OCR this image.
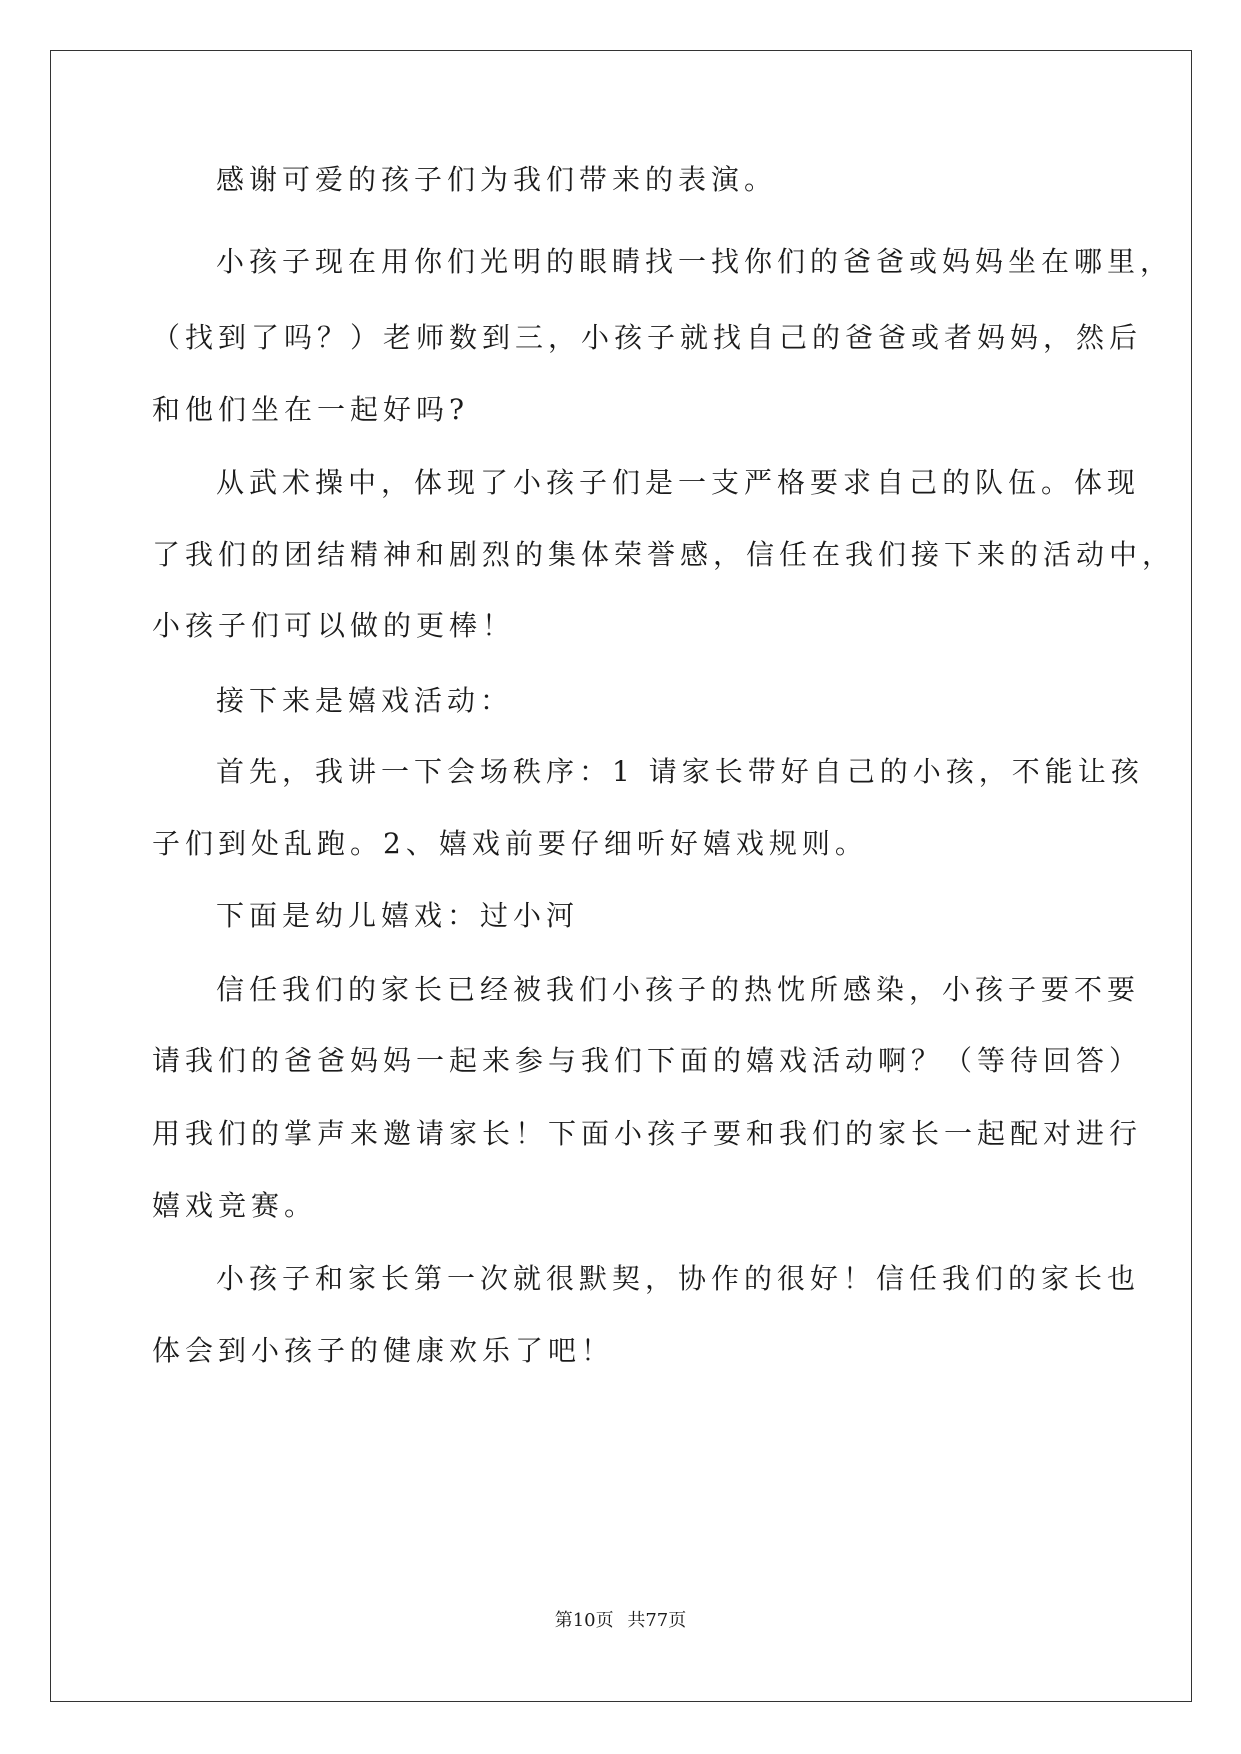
感谢可爱的孩子们为我们带来的表演。
小孩子现在用你们光明的眼睛找一找你们的爸爸或妈妈坐在哪里，
（找到了吗？）老师数到三，小孩子就找自己的爸爸或者妈妈，然后
和他们坐在一起好吗?
从武术操中，体现了小孩子们是一支严格要求自己的队伍。体现
了我们的团结精神和剧烈的集体荣誉感，信任在我们接下来的活动中，
小孩子们可以做的更棒！
接下来是嬉戏活动：
首先，我讲一下会场秩序：1 请家长带好自己的小孩，不能让孩
子们到处乱跑。2、嬉戏前要仔细听好嬉戏规则。
下面是幼儿嬉戏：过小河
信任我们的家长已经被我们小孩子的热忱所感染，小孩子要不要
请我们的爸爸妈妈一起来参与我们下面的嬉戏活动啊？（等待回答）
用我们的掌声来邀请家长！下面小孩子要和我们的家长一起配对进行
嬉戏竞赛。
小孩子和家长第一次就很默契，协作的很好！信任我们的家长也
体会到小孩子的健康欢乐了吧！
第10页 共77页
